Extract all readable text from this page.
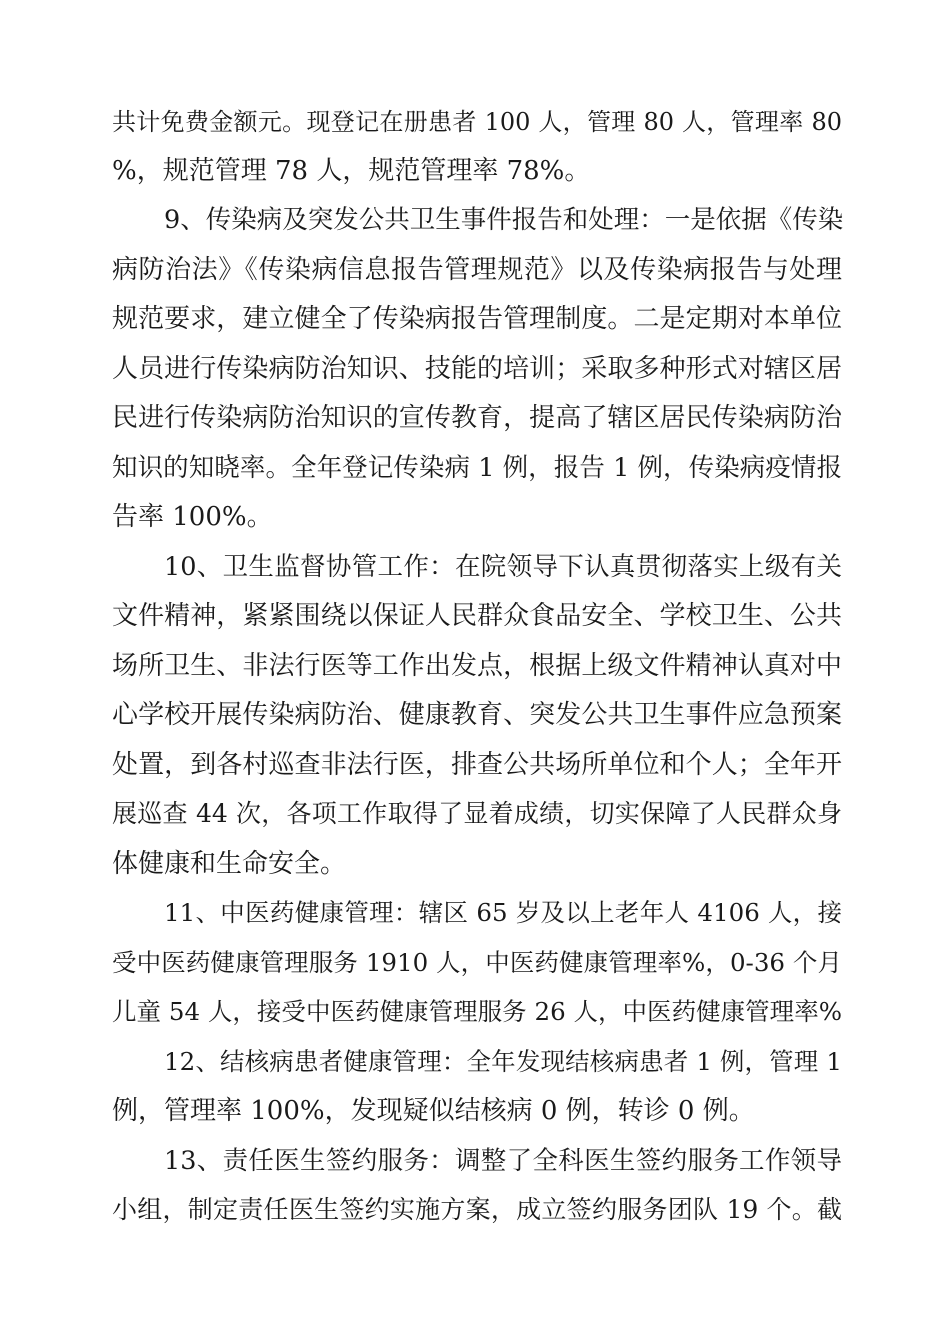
共计免费金额元。现登记在册患者 100 人，管理 80 人，管理率 80
%，规范管理 78 人，规范管理率 78%。
9、传染病及突发公共卫生事件报告和处理：一是依据《传染
病防治法》《传染病信息报告管理规范》以及传染病报告与处理
规范要求，建立健全了传染病报告管理制度。二是定期对本单位
人员进行传染病防治知识、技能的培训；采取多种形式对辖区居
民进行传染病防治知识的宣传教育，提高了辖区居民传染病防治
知识的知晓率。全年登记传染病 1 例，报告 1 例，传染病疫情报
告率 100%。
10、卫生监督协管工作：在院领导下认真贯彻落实上级有关
文件精神，紧紧围绕以保证人民群众食品安全、学校卫生、公共
场所卫生、非法行医等工作出发点，根据上级文件精神认真对中
心学校开展传染病防治、健康教育、突发公共卫生事件应急预案
处置，到各村巡查非法行医，排查公共场所单位和个人；全年开
展巡查 44 次，各项工作取得了显着成绩，切实保障了人民群众身
体健康和生命安全。
11、中医药健康管理：辖区 65 岁及以上老年人 4106 人，接
受中医药健康管理服务 1910 人，中医药健康管理率%，0-36 个月
儿童 54 人，接受中医药健康管理服务 26 人，中医药健康管理率%
12、结核病患者健康管理：全年发现结核病患者 1 例，管理 1
例，管理率 100%，发现疑似结核病 0 例，转诊 0 例。
13、责任医生签约服务：调整了全科医生签约服务工作领导
小组，制定责任医生签约实施方案，成立签约服务团队 19 个。截
